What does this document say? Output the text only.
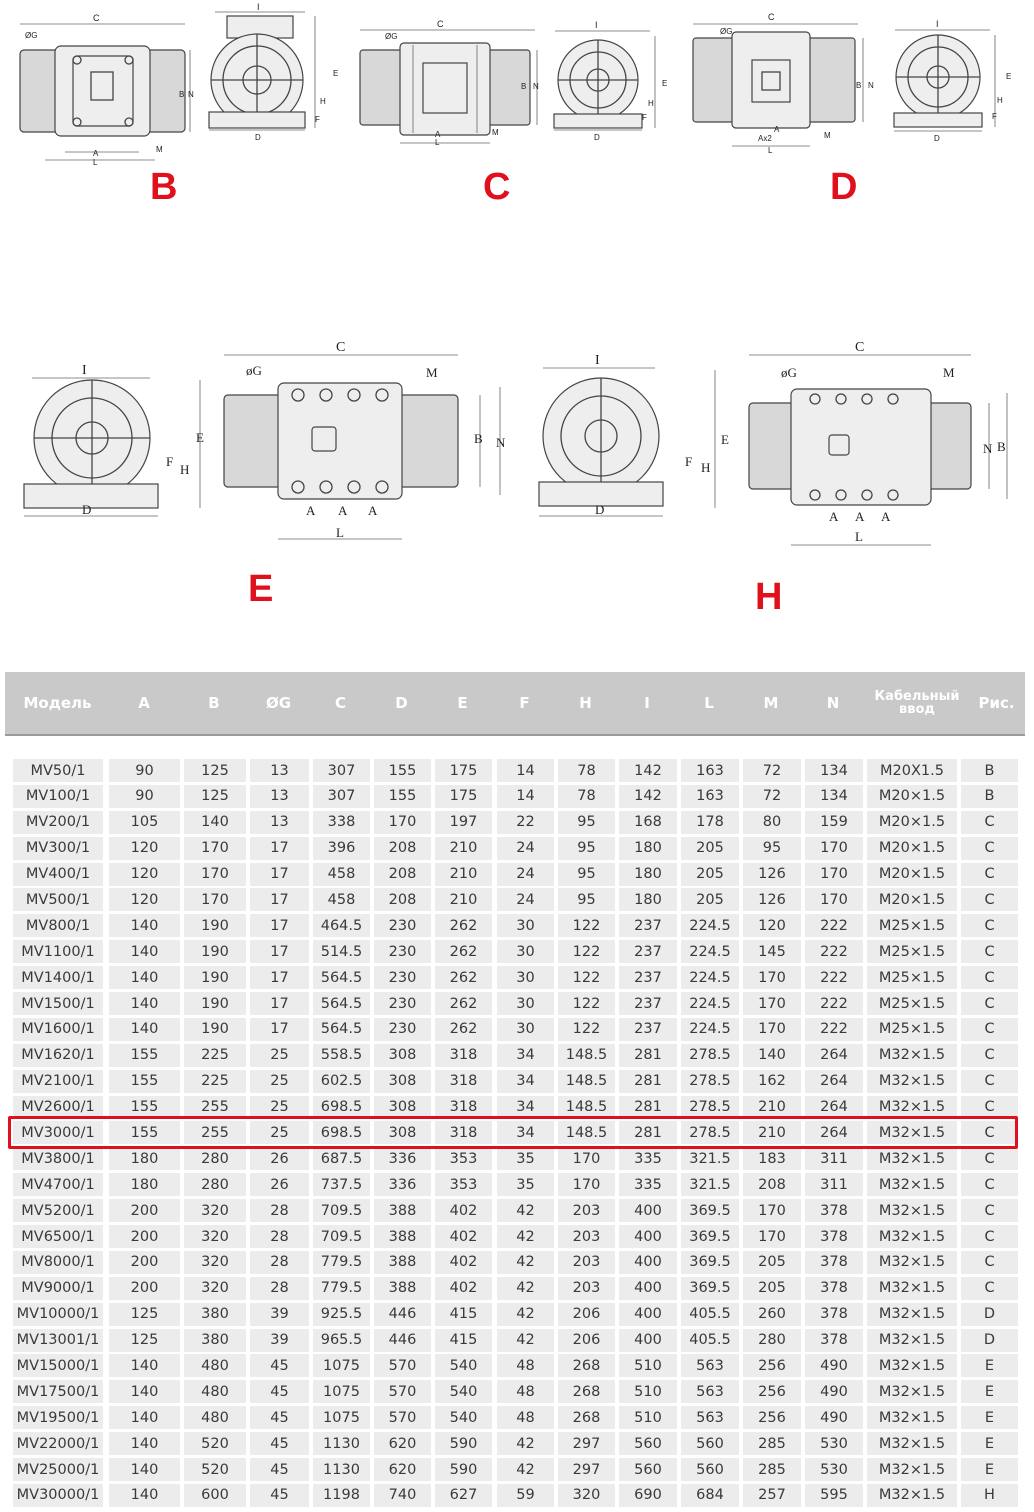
C
ØG
B N
A
L
M
I
E
H
F
D
C
ØG
B N
A
L
M
I
E
H
F
D
C
ØG
B N
A
Ax2
L
M
I
E
H
F
D
B	C	D
I
E
F
H
D
C
øG	M
B N
A A A
L
I
E
F H
D
C
øG	M
N B
A A A
L
E	H
Модель	A	B	ØG	C	D	E	F	H	I	L	M	N	Кабельный ввод	Рис.
MV50/1	90	125	13	307	155	175	14	78	142	163	72	134	M20X1.5	B
MV100/1	90	125	13	307	155	175	14	78	142	163	72	134	M20×1.5	B
MV200/1	105	140	13	338	170	197	22	95	168	178	80	159	M20×1.5	C
MV300/1	120	170	17	396	208	210	24	95	180	205	95	170	M20×1.5	C
MV400/1	120	170	17	458	208	210	24	95	180	205	126	170	M20×1.5	C
MV500/1	120	170	17	458	208	210	24	95	180	205	126	170	M20×1.5	C
MV800/1	140	190	17	464.5	230	262	30	122	237	224.5	120	222	M25×1.5	C
MV1100/1	140	190	17	514.5	230	262	30	122	237	224.5	145	222	M25×1.5	C
MV1400/1	140	190	17	564.5	230	262	30	122	237	224.5	170	222	M25×1.5	C
MV1500/1	140	190	17	564.5	230	262	30	122	237	224.5	170	222	M25×1.5	C
MV1600/1	140	190	17	564.5	230	262	30	122	237	224.5	170	222	M25×1.5	C
MV1620/1	155	225	25	558.5	308	318	34	148.5	281	278.5	140	264	M32×1.5	C
MV2100/1	155	225	25	602.5	308	318	34	148.5	281	278.5	162	264	M32×1.5	C
MV2600/1	155	255	25	698.5	308	318	34	148.5	281	278.5	210	264	M32×1.5	C
MV3000/1	155	255	25	698.5	308	318	34	148.5	281	278.5	210	264	M32×1.5	C
MV3800/1	180	280	26	687.5	336	353	35	170	335	321.5	183	311	M32×1.5	C
MV4700/1	180	280	26	737.5	336	353	35	170	335	321.5	208	311	M32×1.5	C
MV5200/1	200	320	28	709.5	388	402	42	203	400	369.5	170	378	M32×1.5	C
MV6500/1	200	320	28	709.5	388	402	42	203	400	369.5	170	378	M32×1.5	C
MV8000/1	200	320	28	779.5	388	402	42	203	400	369.5	205	378	M32×1.5	C
MV9000/1	200	320	28	779.5	388	402	42	203	400	369.5	205	378	M32×1.5	C
MV10000/1	125	380	39	925.5	446	415	42	206	400	405.5	260	378	M32×1.5	D
MV13001/1	125	380	39	965.5	446	415	42	206	400	405.5	280	378	M32×1.5	D
MV15000/1	140	480	45	1075	570	540	48	268	510	563	256	490	M32×1.5	E
MV17500/1	140	480	45	1075	570	540	48	268	510	563	256	490	M32×1.5	E
MV19500/1	140	480	45	1075	570	540	48	268	510	563	256	490	M32×1.5	E
MV22000/1	140	520	45	1130	620	590	42	297	560	560	285	530	M32×1.5	E
MV25000/1	140	520	45	1130	620	590	42	297	560	560	285	530	M32×1.5	E
MV30000/1	140	600	45	1198	740	627	59	320	690	684	257	595	M32×1.5	H
